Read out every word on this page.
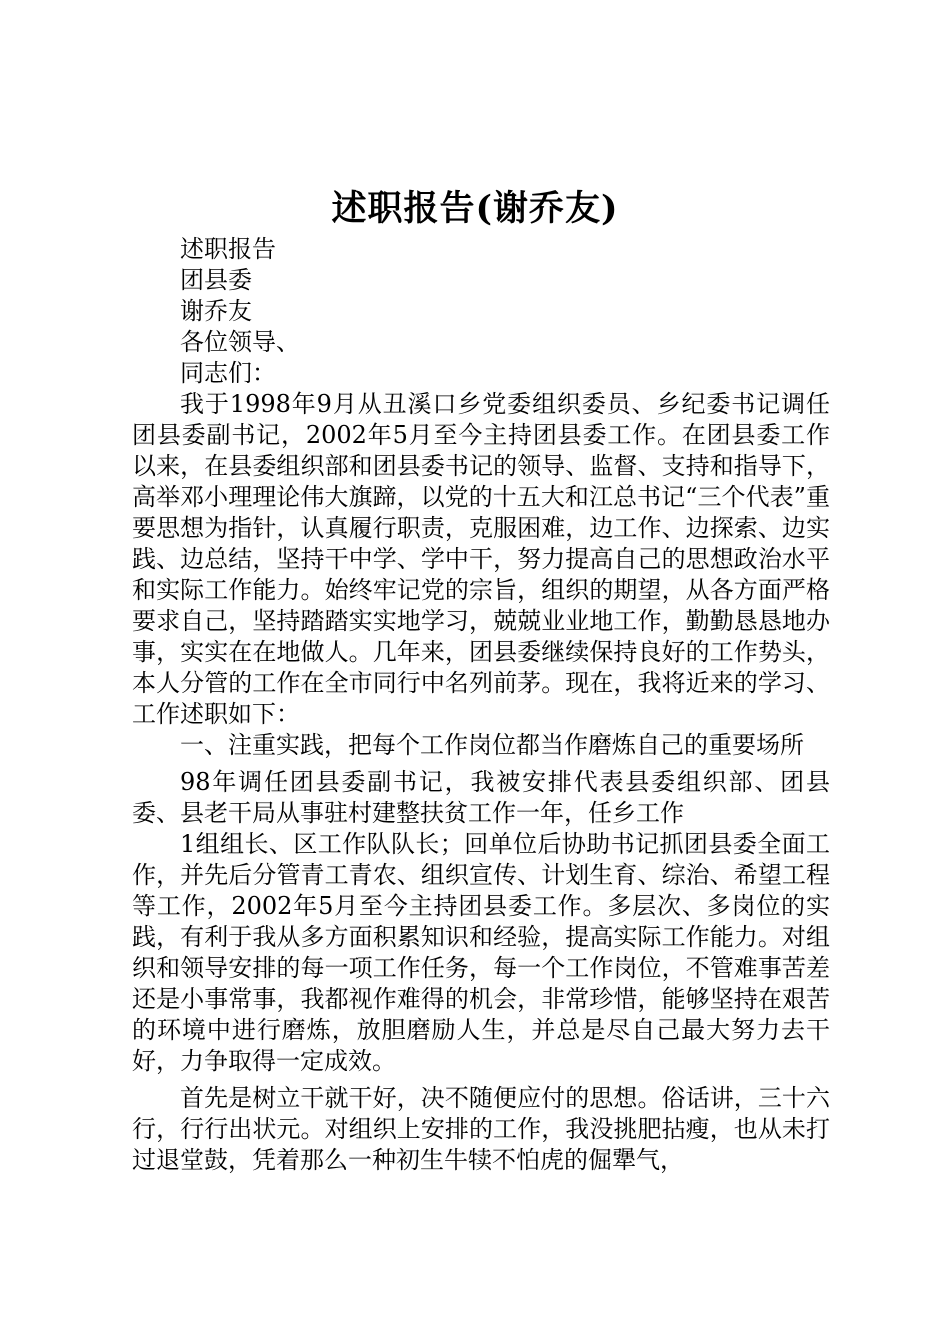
述职报告(谢乔友)

述职报告

团县委

谢乔友

各位领导、

同志们：

我于1998年9月从丑溪口乡党委组织委员、乡纪委书记调任团县委副书记，2002年5月至今主持团县委工作。在团县委工作以来，在县委组织部和团县委书记的领导、监督、支持和指导下，高举邓小理理论伟大旗蹄，以党的十五大和江总书记“三个代表”重要思想为指针，认真履行职责，克服困难，边工作、边探索、边实践、边总结，坚持干中学、学中干，努力提高自己的思想政治水平和实际工作能力。始终牢记党的宗旨，组织的期望，从各方面严格要求自己，坚持踏踏实实地学习，兢兢业业地工作，勤勤恳恳地办事，实实在在地做人。几年来，团县委继续保持良好的工作势头，本人分管的工作在全市同行中名列前茅。现在，我将近来的学习、工作述职如下：

一、注重实践，把每个工作岗位都当作磨炼自己的重要场所

98年调任团县委副书记，我被安排代表县委组织部、团县委、县老干局从事驻村建整扶贫工作一年，任乡工作

1组组长、区工作队队长；回单位后协助书记抓团县委全面工作，并先后分管青工青农、组织宣传、计划生育、综治、希望工程等工作，2002年5月至今主持团县委工作。多层次、多岗位的实践，有利于我从多方面积累知识和经验，提高实际工作能力。对组织和领导安排的每一项工作任务，每一个工作岗位，不管难事苦差还是小事常事，我都视作难得的机会，非常珍惜，能够坚持在艰苦的环境中进行磨炼，放胆磨励人生，并总是尽自己最大努力去干好，力争取得一定成效。

首先是树立干就干好，决不随便应付的思想。俗话讲，三十六行，行行出状元。对组织上安排的工作，我没挑肥拈瘦，也从未打过退堂鼓，凭着那么一种初生牛犊不怕虎的倔犟气，
